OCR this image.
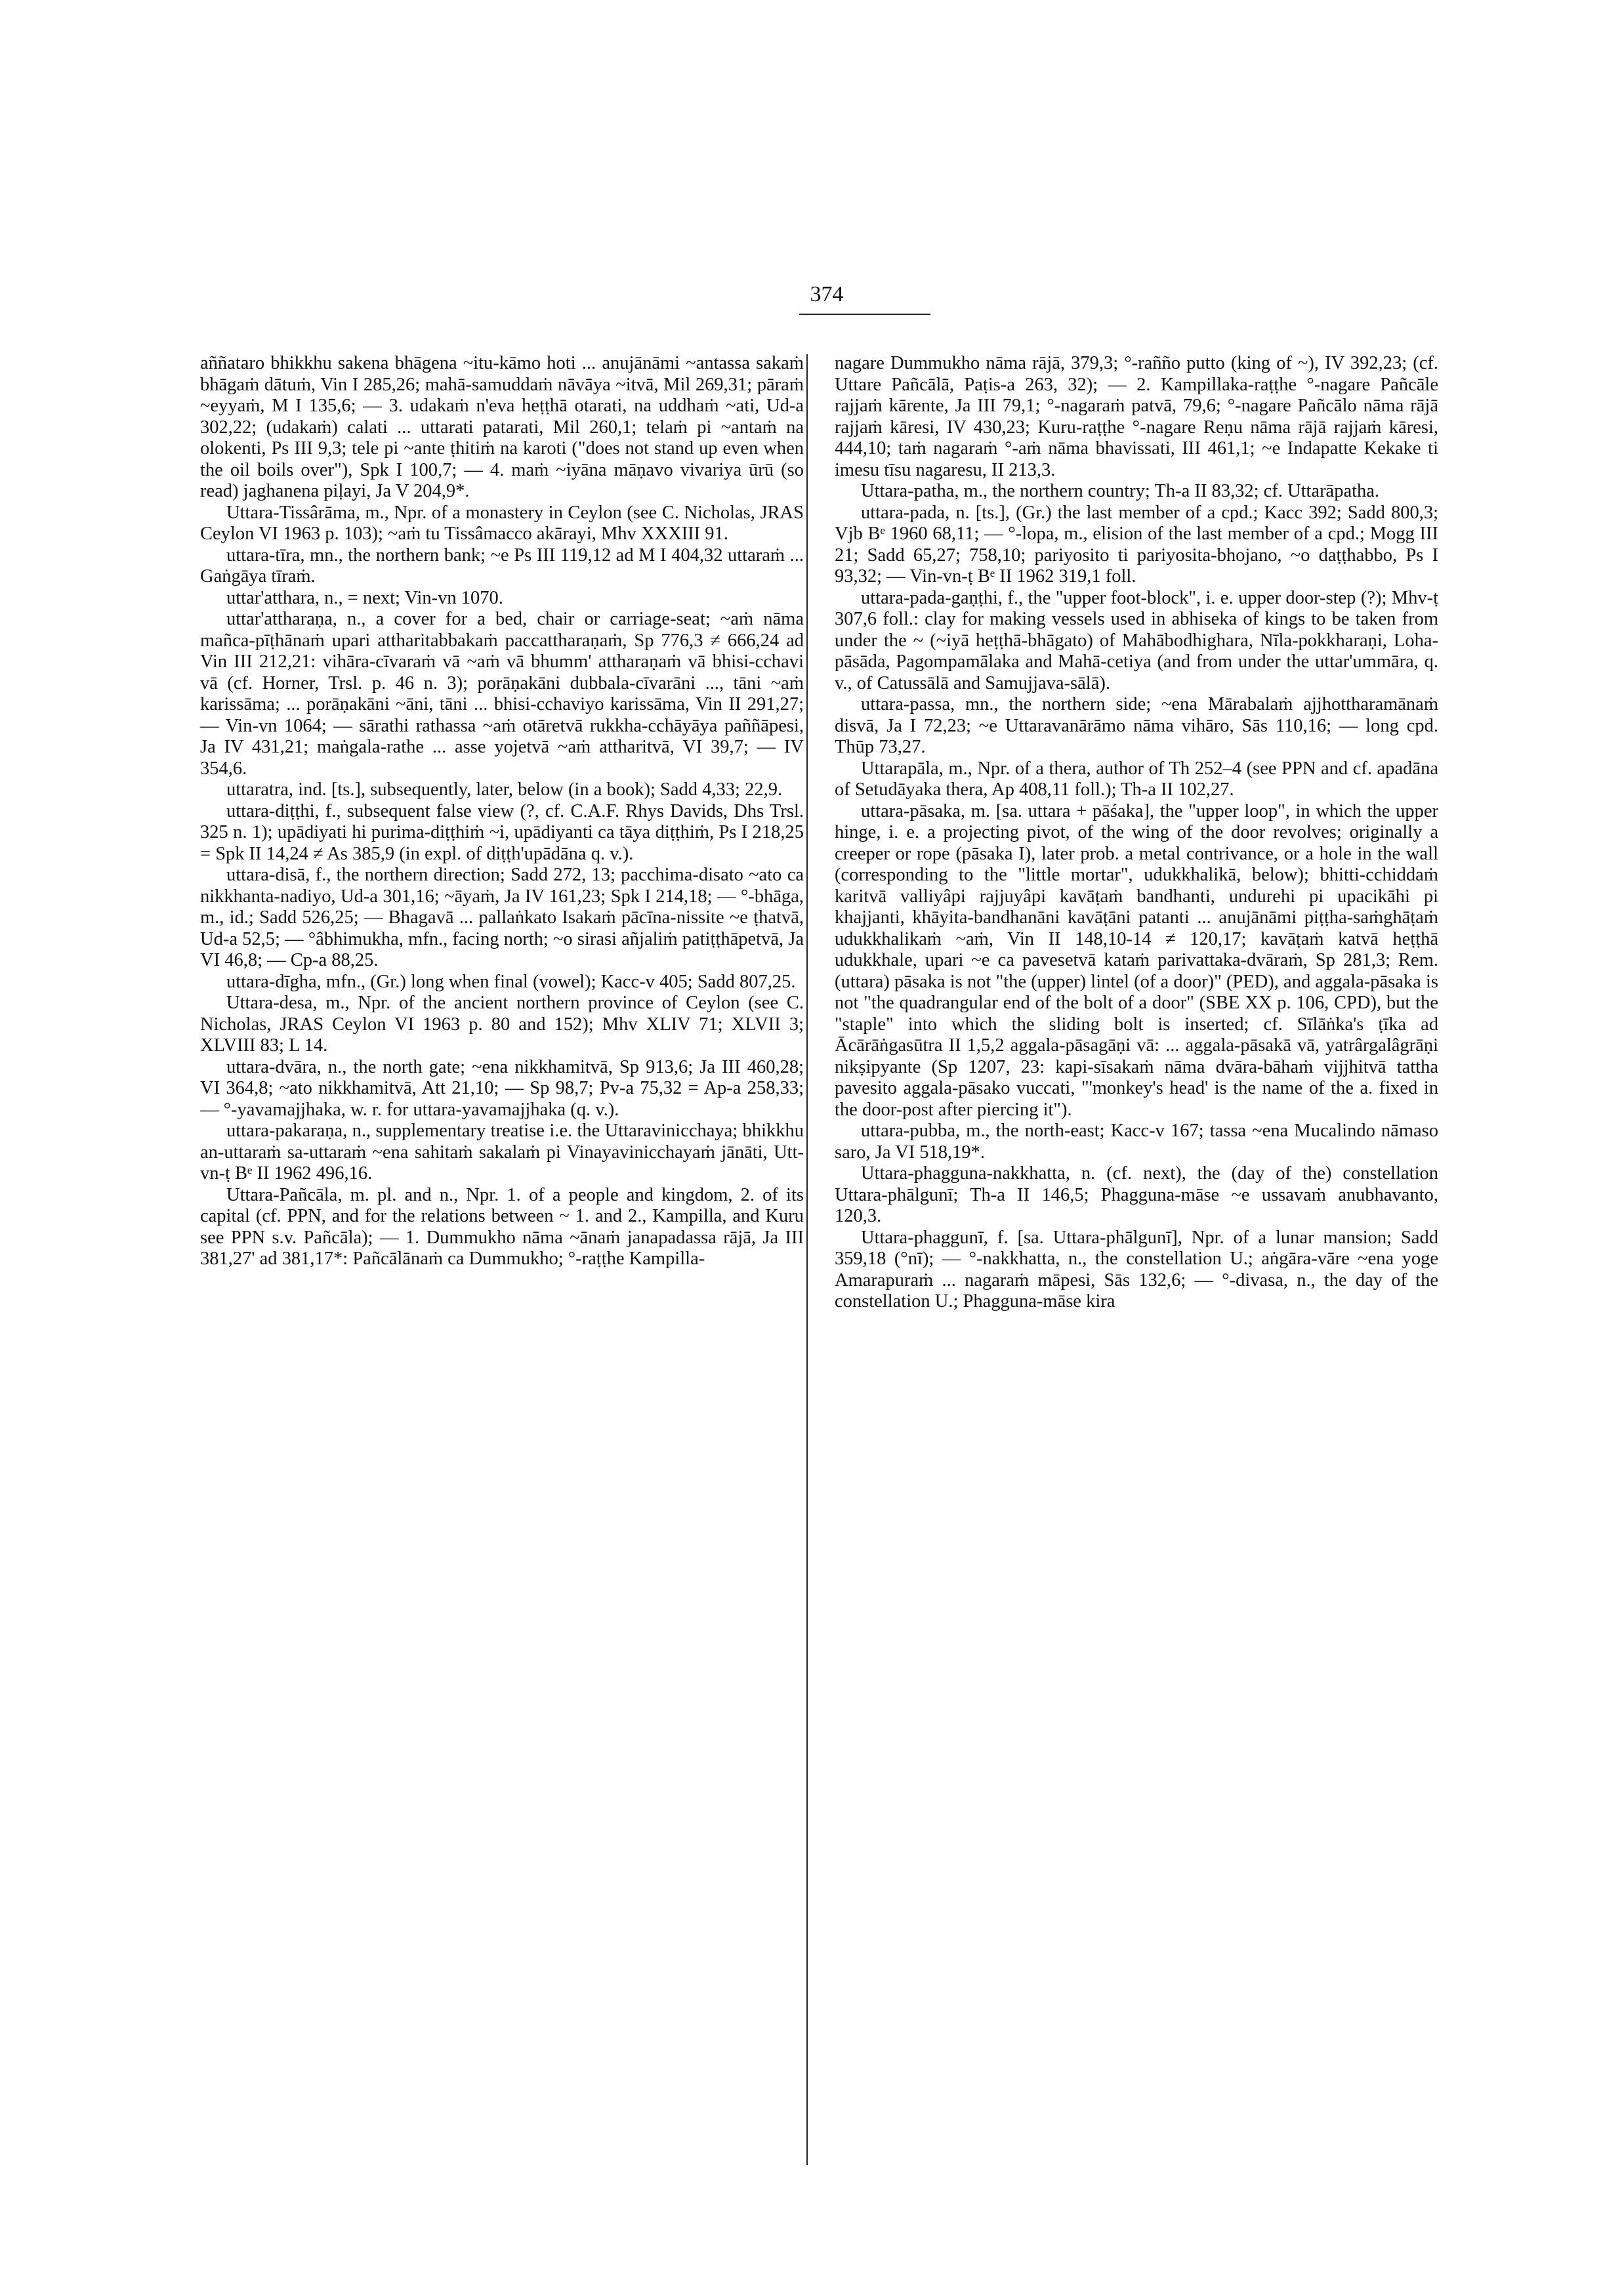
374

aññataro bhikkhu sakena bhāgena ~itu-kāmo hoti ... anujānāmi ~antassa sakaṁ bhāgaṁ dātuṁ, Vin I 285,26; mahā-samuddaṁ nāvāya ~itvā, Mil 269,31; pāraṁ ~eyyaṁ, M I 135,6; — 3. udakaṁ n'eva heṭṭhā otarati, na uddhaṁ ~ati, Ud-a 302,22; (udakaṁ) calati ... uttarati patarati, Mil 260,1; telaṁ pi ~antaṁ na olokenti, Ps III 9,3; tele pi ~ante ṭhitiṁ na karoti ("does not stand up even when the oil boils over"), Spk I 100,7; — 4. maṁ ~iyāna māṇavo vivariya ūrū (so read) jaghanena piḷayi, Ja V 204,9*.

Uttara-Tissârāma, m., Npr. of a monastery in Ceylon (see C. Nicholas, JRAS Ceylon VI 1963 p. 103); ~aṁ tu Tissâmacco akārayi, Mhv XXXIII 91.

uttara-tīra, mn., the northern bank; ~e Ps III 119,12 ad M I 404,32 uttaraṁ ... Gaṅgāya tīraṁ.

uttar'atthara, n., = next; Vin-vn 1070.

uttar'attharaṇa, n., a cover for a bed, chair or carriage-seat; ~aṁ nāma mañca-pīṭhānaṁ upari attharitabbakaṁ paccattharaṇaṁ, Sp 776,3 ≠ 666,24 ad Vin III 212,21: vihāra-cīvaraṁ vā ~aṁ vā bhumm' attharaṇaṁ vā bhisi-cchavi vā (cf. Horner, Trsl. p. 46 n. 3); porāṇakāni dubbala-cīvarāni ..., tāni ~aṁ karissāma; ... porāṇakāni ~āni, tāni ... bhisi-cchaviyo karissāma, Vin II 291,27; — Vin-vn 1064; — sārathi rathassa ~aṁ otāretvā rukkha-cchāyāya paññāpesi, Ja IV 431,21; maṅgala-rathe ... asse yojetvā ~aṁ attharitvā, VI 39,7; — IV 354,6.

uttaratra, ind. [ts.], subsequently, later, below (in a book); Sadd 4,33; 22,9.

uttara-diṭṭhi, f., subsequent false view (?, cf. C.A.F. Rhys Davids, Dhs Trsl. 325 n. 1); upādiyati hi purima-diṭṭhiṁ ~i, upādiyanti ca tāya diṭṭhiṁ, Ps I 218,25 = Spk II 14,24 ≠ As 385,9 (in expl. of diṭṭh'upādāna q. v.).

uttara-disā, f., the northern direction; Sadd 272, 13; pacchima-disato ~ato ca nikkhanta-nadiyo, Ud-a 301,16; ~āyaṁ, Ja IV 161,23; Spk I 214,18; — °-bhāga, m., id.; Sadd 526,25; — Bhagavā ... pallaṅkato Isakaṁ pācīna-nissite ~e ṭhatvā, Ud-a 52,5; — °âbhimukha, mfn., facing north; ~o sirasi añjaliṁ patiṭṭhāpetvā, Ja VI 46,8; — Cp-a 88,25.

uttara-dīgha, mfn., (Gr.) long when final (vowel); Kacc-v 405; Sadd 807,25.

Uttara-desa, m., Npr. of the ancient northern province of Ceylon (see C. Nicholas, JRAS Ceylon VI 1963 p. 80 and 152); Mhv XLIV 71; XLVII 3; XLVIII 83; L 14.

uttara-dvāra, n., the north gate; ~ena nikkhamitvā, Sp 913,6; Ja III 460,28; VI 364,8; ~ato nikkhamitvā, Att 21,10; — Sp 98,7; Pv-a 75,32 = Ap-a 258,33; — °-yavamajjhaka, w. r. for uttara-yavamajjhaka (q. v.).

uttara-pakaraṇa, n., supplementary treatise i.e. the Uttaravinicchaya; bhikkhu an-uttaraṁ sa-uttaraṁ ~ena sahitaṁ sakalaṁ pi Vinayavinicchayaṁ jānāti, Utt-vn-ṭ Bᵉ II 1962 496,16.

Uttara-Pañcāla, m. pl. and n., Npr. 1. of a people and kingdom, 2. of its capital (cf. PPN, and for the relations between ~ 1. and 2., Kampilla, and Kuru see PPN s.v. Pañcāla); — 1. Dummukho nāma ~ānaṁ janapadassa rājā, Ja III 381,27' ad 381,17*: Pañcālānaṁ ca Dummukho; °-raṭṭhe Kampilla-

nagare Dummukho nāma rājā, 379,3; °-rañño putto (king of ~), IV 392,23; (cf. Uttare Pañcālā, Paṭis-a 263, 32); — 2. Kampillaka-raṭṭhe °-nagare Pañcāle rajjaṁ kārente, Ja III 79,1; °-nagaraṁ patvā, 79,6; °-nagare Pañcālo nāma rājā rajjaṁ kāresi, IV 430,23; Kuru-raṭṭhe °-nagare Reṇu nāma rājā rajjaṁ kāresi, 444,10; taṁ nagaraṁ °-aṁ nāma bhavissati, III 461,1; ~e Indapatte Kekake ti imesu tīsu nagaresu, II 213,3.

Uttara-patha, m., the northern country; Th-a II 83,32; cf. Uttarāpatha.

uttara-pada, n. [ts.], (Gr.) the last member of a cpd.; Kacc 392; Sadd 800,3; Vjb Bᵉ 1960 68,11; — °-lopa, m., elision of the last member of a cpd.; Mogg III 21; Sadd 65,27; 758,10; pariyosito ti pariyosita-bhojano, ~o daṭṭhabbo, Ps I 93,32; — Vin-vn-ṭ Bᵉ II 1962 319,1 foll.

uttara-pada-gaṇṭhi, f., the "upper foot-block", i. e. upper door-step (?); Mhv-ṭ 307,6 foll.: clay for making vessels used in abhiseka of kings to be taken from under the ~ (~iyā heṭṭhā-bhāgato) of Mahābodhighara, Nīla-pokkharaṇi, Loha-pāsāda, Pagompamālaka and Mahā-cetiya (and from under the uttar'ummāra, q. v., of Catussālā and Samujjava-sālā).

uttara-passa, mn., the northern side; ~ena Mārabalaṁ ajjhottharamānaṁ disvā, Ja I 72,23; ~e Uttaravanārāmo nāma vihāro, Sās 110,16; — long cpd. Thūp 73,27.

Uttarapāla, m., Npr. of a thera, author of Th 252–4 (see PPN and cf. apadāna of Setudāyaka thera, Ap 408,11 foll.); Th-a II 102,27.

uttara-pāsaka, m. [sa. uttara + pāśaka], the "upper loop", in which the upper hinge, i. e. a projecting pivot, of the wing of the door revolves; originally a creeper or rope (pāsaka I), later prob. a metal contrivance, or a hole in the wall (corresponding to the "little mortar", udukkhalikā, below); bhitti-cchiddaṁ karitvā valliyâpi rajjuyâpi kavāṭaṁ bandhanti, undurehi pi upacikāhi pi khajjanti, khāyita-bandhanāni kavāṭāni patanti ... anujānāmi piṭṭha-saṁghāṭaṁ udukkhalikaṁ ~aṁ, Vin II 148,10-14 ≠ 120,17; kavāṭaṁ katvā heṭṭhā udukkhale, upari ~e ca pavesetvā kataṁ parivattaka-dvāraṁ, Sp 281,3; Rem. (uttara) pāsaka is not "the (upper) lintel (of a door)" (PED), and aggala-pāsaka is not "the quadrangular end of the bolt of a door" (SBE XX p. 106, CPD), but the "staple" into which the sliding bolt is inserted; cf. Sīlāṅka's ṭīka ad Ācārāṅgasūtra II 1,5,2 aggala-pāsagāṇi vā: ... aggala-pāsakā vā, yatrârgalâgrāṇi nikṣipyante (Sp 1207, 23: kapi-sīsakaṁ nāma dvāra-bāhaṁ vijjhitvā tattha pavesito aggala-pāsako vuccati, "'monkey's head' is the name of the a. fixed in the door-post after piercing it").

uttara-pubba, m., the north-east; Kacc-v 167; tassa ~ena Mucalindo nāmaso saro, Ja VI 518,19*.

Uttara-phagguna-nakkhatta, n. (cf. next), the (day of the) constellation Uttara-phālgunī; Th-a II 146,5; Phagguna-māse ~e ussavaṁ anubhavanto, 120,3.

Uttara-phaggunī, f. [sa. Uttara-phālgunī], Npr. of a lunar mansion; Sadd 359,18 (°nī); — °-nakkhatta, n., the constellation U.; aṅgāra-vāre ~ena yoge Amarapuraṁ ... nagaraṁ māpesi, Sās 132,6; — °-divasa, n., the day of the constellation U.; Phagguna-māse kira
